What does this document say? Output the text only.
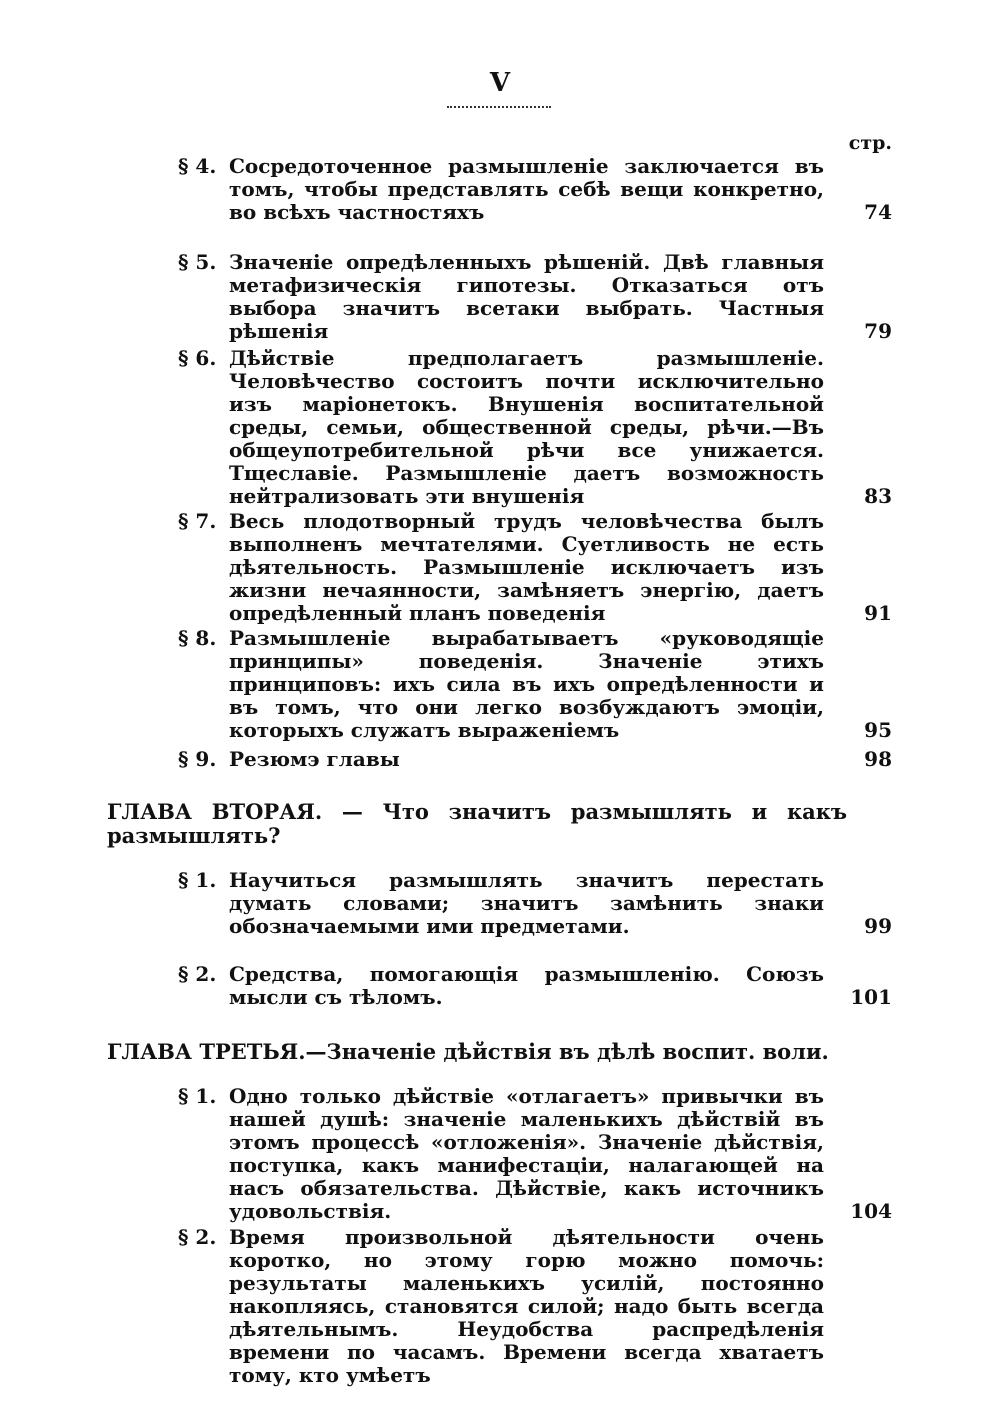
V
стр.
§ 4. Сосредоточенное размышленіе заключается въ томъ, чтобы представлять себѣ вещи конкретно, во всѣхъ частностяхъ	74
§ 5. Значеніе опредѣленныхъ рѣшеній. Двѣ главныя метафизическія гипотезы. Отказаться отъ выбора значитъ всетаки выбрать. Частныя рѣшенія	79
§ 6. Дѣйствіе предполагаетъ размышленіе. Человѣчество состоитъ почти исключительно изъ маріонетокъ. Внушенія воспитательной среды, семьи, общественной среды, рѣчи.—Въ общеупотребительной рѣчи все унижается. Тщеславіе. Размышленіе даетъ возможность нейтрализовать эти внушенія	83
§ 7. Весь плодотворный трудъ человѣчества былъ выполненъ мечтателями. Суетливость не есть дѣятельность. Размышленіе исключаетъ изъ жизни нечаянности, замѣняетъ энергію, даетъ опредѣленный планъ поведенія	91
§ 8. Размышленіе вырабатываетъ «руководящіе принципы» поведенія. Значеніе этихъ принциповъ: ихъ сила въ ихъ опредѣленности и въ томъ, что они легко возбуждаютъ эмоціи, которыхъ служатъ выраженіемъ	95
§ 9. Резюмэ главы	98
ГЛАВА ВТОРАЯ. — Что значитъ размышлять и какъ размышлять?
§ 1. Научиться размышлять значитъ перестать думать словами; значитъ замѣнить знаки обозначаемыми ими предметами.	99
§ 2. Средства, помогающія размышленію. Союзъ мысли съ тѣломъ.	101
ГЛАВА ТРЕТЬЯ.—Значеніе дѣйствія въ дѣлѣ воспит. воли.
§ 1. Одно только дѣйствіе «отлагаетъ» привычки въ нашей душѣ: значеніе маленькихъ дѣйствій въ этомъ процессѣ «отложенія». Значеніе дѣйствія, поступка, какъ манифестаціи, налагающей на насъ обязательства. Дѣйствіе, какъ источникъ удовольствія.	104
§ 2. Время произвольной дѣятельности очень коротко, но этому горю можно помочь: результаты маленькихъ усилій, постоянно накопляясь, становятся силой; надо быть всегда дѣятельнымъ. Неудобства распредѣленія времени по часамъ. Времени всегда хватаетъ тому, кто умѣетъ
